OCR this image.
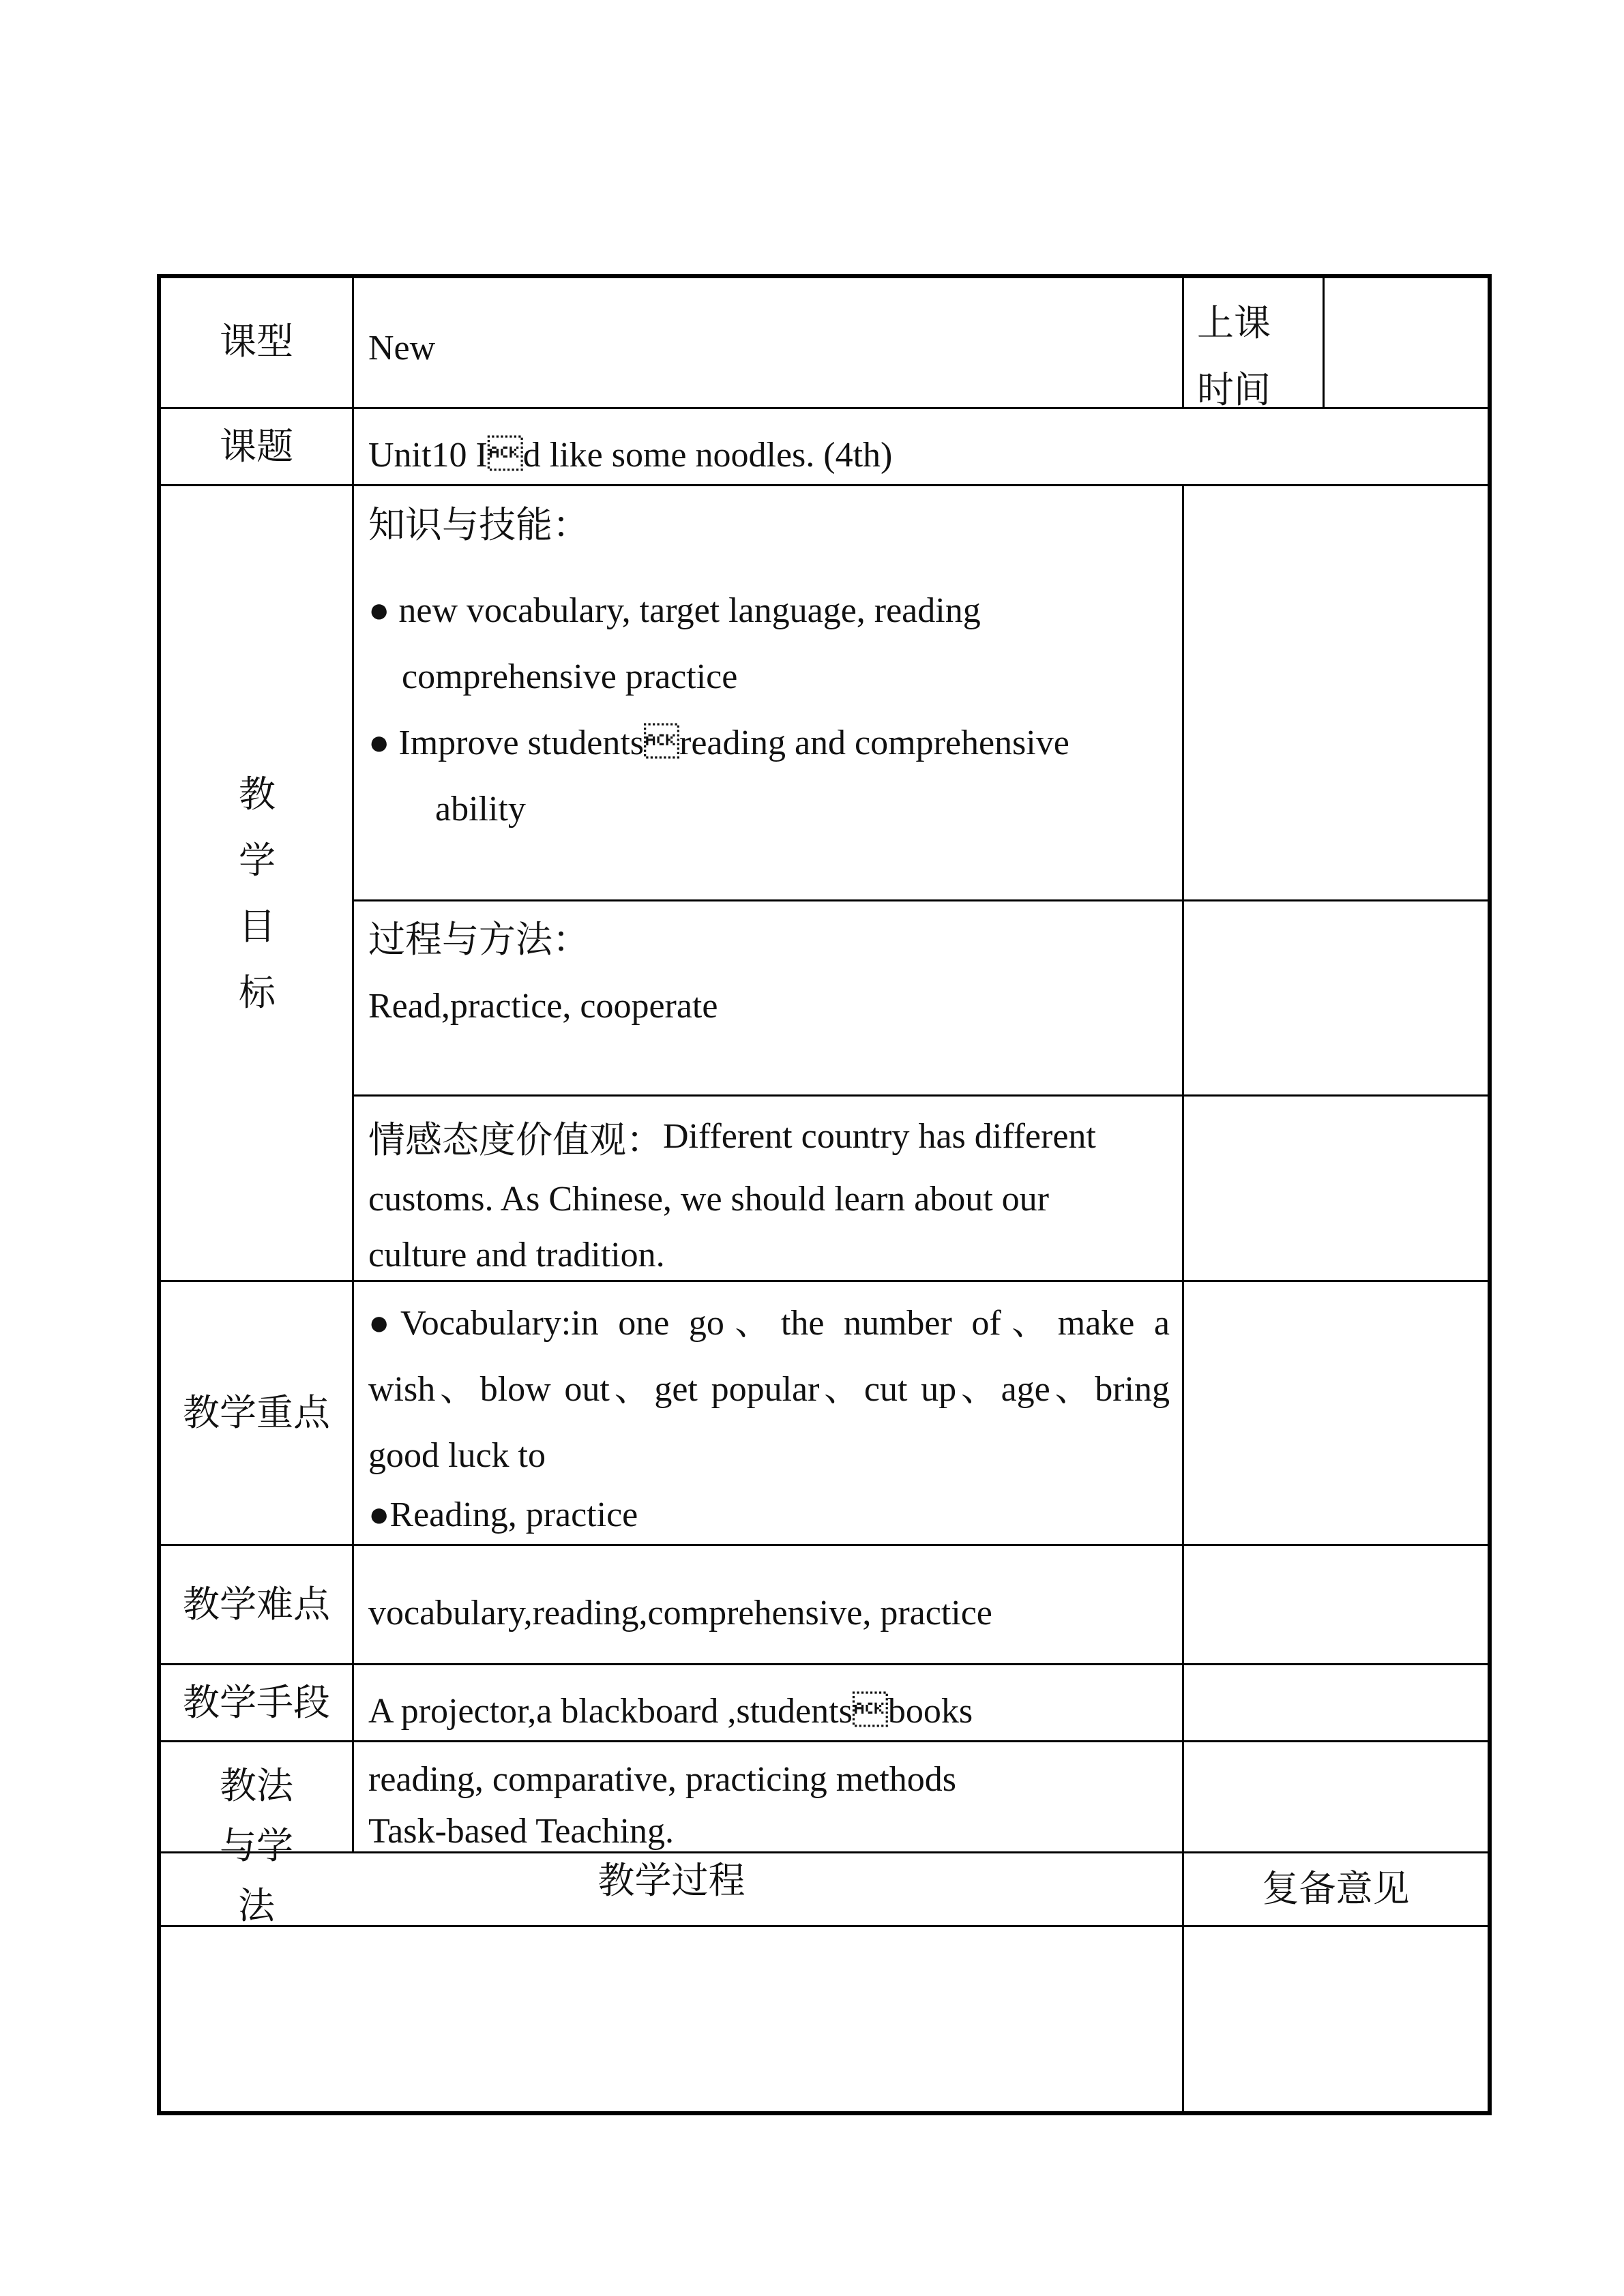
课型 New
上课
时间
课题 Unit10 Id like some noodles. (4th)
教
学
目
标
知识与技能：
● new vocabulary, target language, reading
comprehensive practice
● Improve studentsreading and comprehensive
ability
过程与方法：
Read,practice, cooperate
情感态度价值观： Different country has different
customs. As Chinese, we should learn about our
culture and tradition.
教学重点
●Vocabulary:in one go、the number of、make a
wish、blow out、get popular、cut up、age、bring
good luck to
●Reading, practice
教学难点 vocabulary,reading,comprehensive, practice
教学手段 A projector,a blackboard ,studentsbooks
教法与学法
reading, comparative, practicing methods
Task-based Teaching.
教学过程	复备意见
